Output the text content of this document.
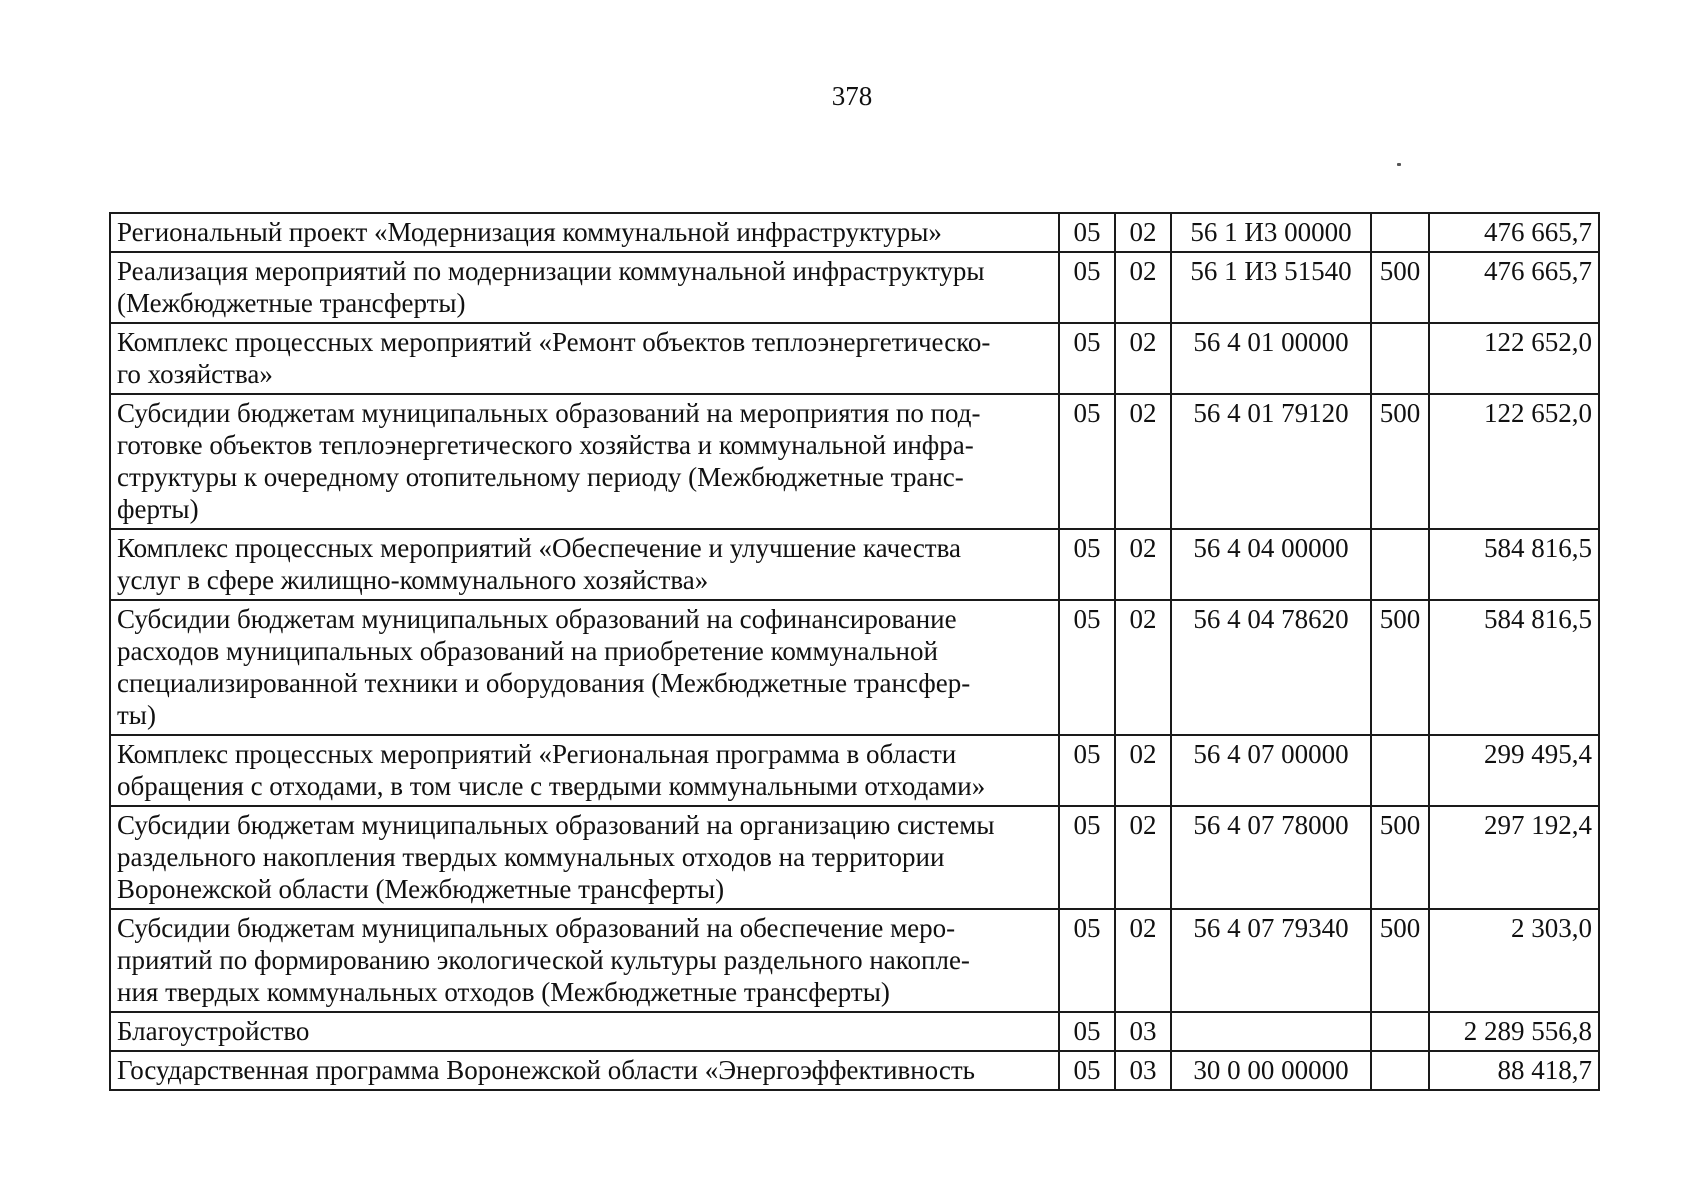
378
Региональный проект «Модернизация коммунальной инфраструктуры»	05	02	56 1 И3 00000		476 665,7

Реализация мероприятий по модернизации коммунальной инфраструктуры
(Межбюджетные трансферты)	05	02	56 1 И3 51540	500	476 665,7

Комплекс процессных мероприятий «Ремонт объектов теплоэнергетическо-
го хозяйства»	05	02	56 4 01 00000		122 652,0

Субсидии бюджетам муниципальных образований на мероприятия по под-
готовке объектов теплоэнергетического хозяйства и коммунальной инфра-
структуры к очередному отопительному периоду (Межбюджетные транс-
ферты)	05	02	56 4 01 79120	500	122 652,0

Комплекс процессных мероприятий «Обеспечение и улучшение качества
услуг в сфере жилищно-коммунального хозяйства»	05	02	56 4 04 00000		584 816,5

Субсидии бюджетам муниципальных образований на софинансирование
расходов муниципальных образований на приобретение коммунальной
специализированной техники и оборудования (Межбюджетные трансфер-
ты)	05	02	56 4 04 78620	500	584 816,5

Комплекс процессных мероприятий «Региональная программа в области
обращения с отходами, в том числе с твердыми коммунальными отходами»	05	02	56 4 07 00000		299 495,4

Субсидии бюджетам муниципальных образований на организацию системы
раздельного накопления твердых коммунальных отходов на территории
Воронежской области (Межбюджетные трансферты)	05	02	56 4 07 78000	500	297 192,4

Субсидии бюджетам муниципальных образований на обеспечение меро-
приятий по формированию экологической культуры раздельного накопле-
ния твердых коммунальных отходов (Межбюджетные трансферты)	05	02	56 4 07 79340	500	2 303,0

Благоустройство	05	03			2 289 556,8

Государственная программа Воронежской области «Энергоэффективность	05	03	30 0 00 00000		88 418,7
